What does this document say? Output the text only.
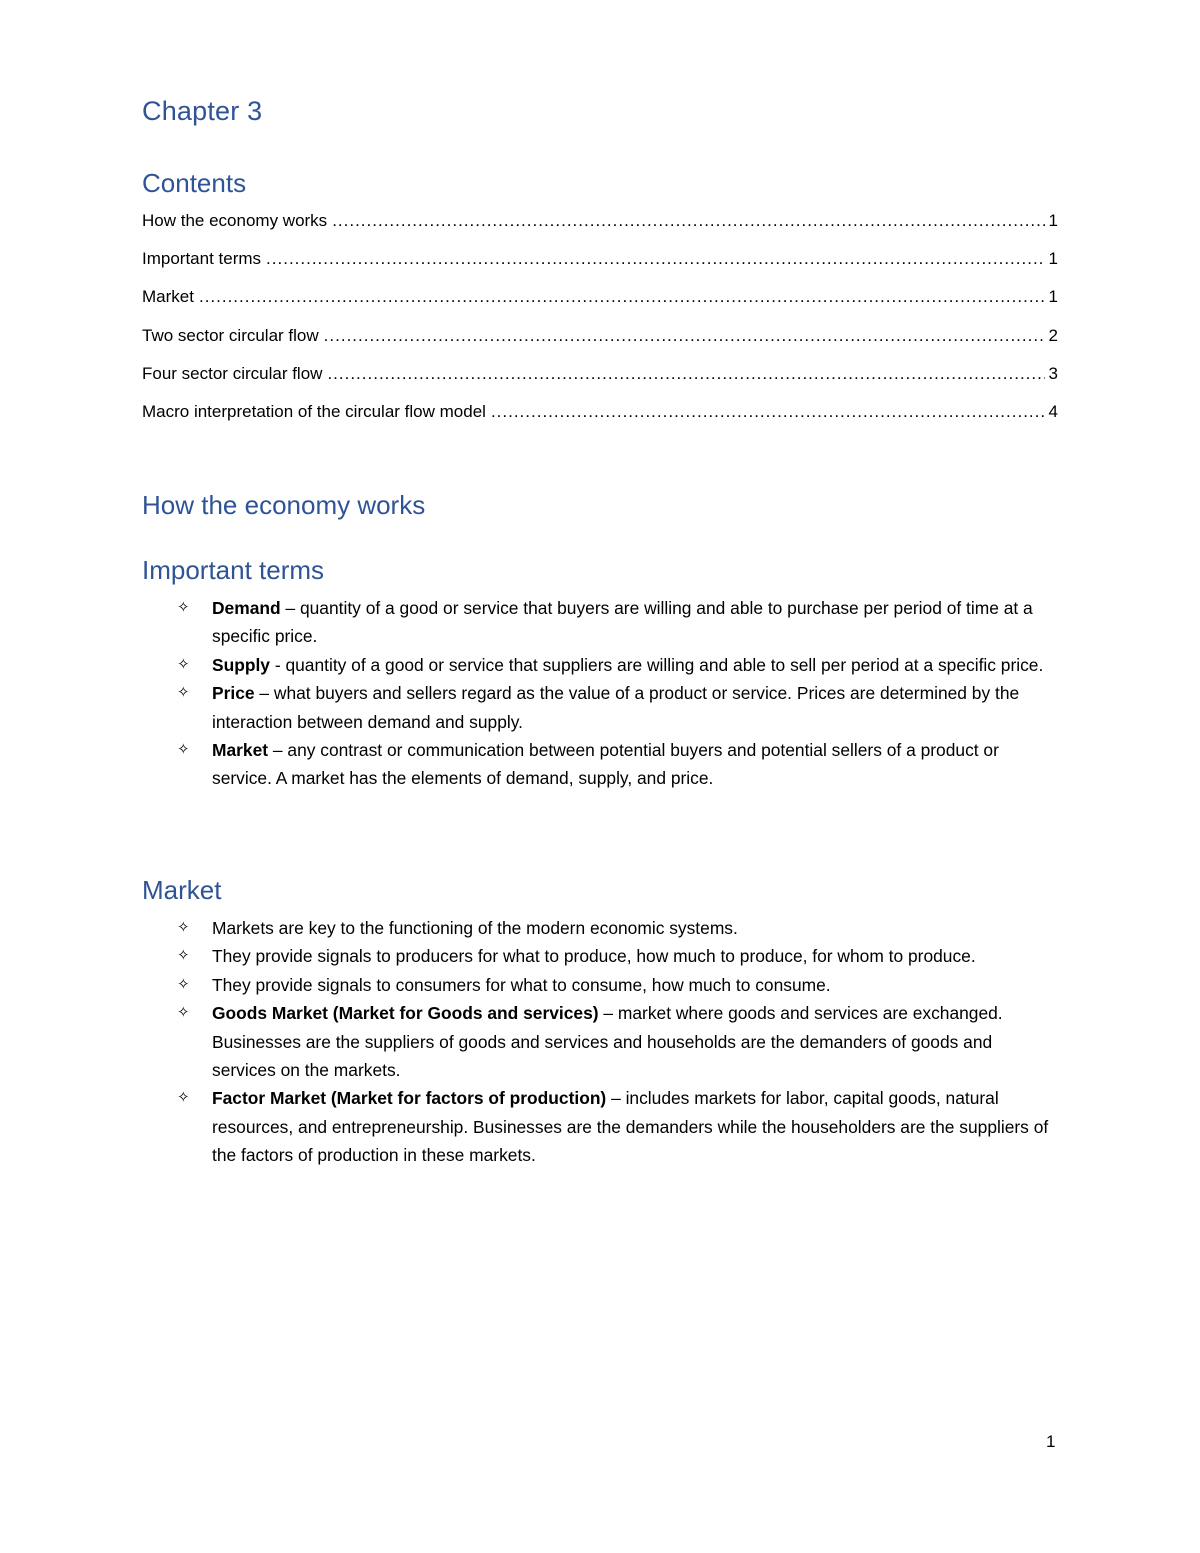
Chapter 3
Contents
How the economy works .....	1
Important terms .....	1
Market .....	1
Two sector circular flow .....	2
Four sector circular flow .....	3
Macro interpretation of the circular flow model .....	4
How the economy works
Important terms
✧ Demand – quantity of a good or service that buyers are willing and able to purchase per period of time at a specific price.
✧ Supply - quantity of a good or service that suppliers are willing and able to sell per period at a specific price.
✧ Price – what buyers and sellers regard as the value of a product or service. Prices are determined by the interaction between demand and supply.
✧ Market – any contrast or communication between potential buyers and potential sellers of a product or service. A market has the elements of demand, supply, and price.
Market
✧ Markets are key to the functioning of the modern economic systems.
✧ They provide signals to producers for what to produce, how much to produce, for whom to produce.
✧ They provide signals to consumers for what to consume, how much to consume.
✧ Goods Market (Market for Goods and services) – market where goods and services are exchanged. Businesses are the suppliers of goods and services and households are the demanders of goods and services on the markets.
✧ Factor Market (Market for factors of production) – includes markets for labor, capital goods, natural resources, and entrepreneurship. Businesses are the demanders while the householders are the suppliers of the factors of production in these markets.
1
